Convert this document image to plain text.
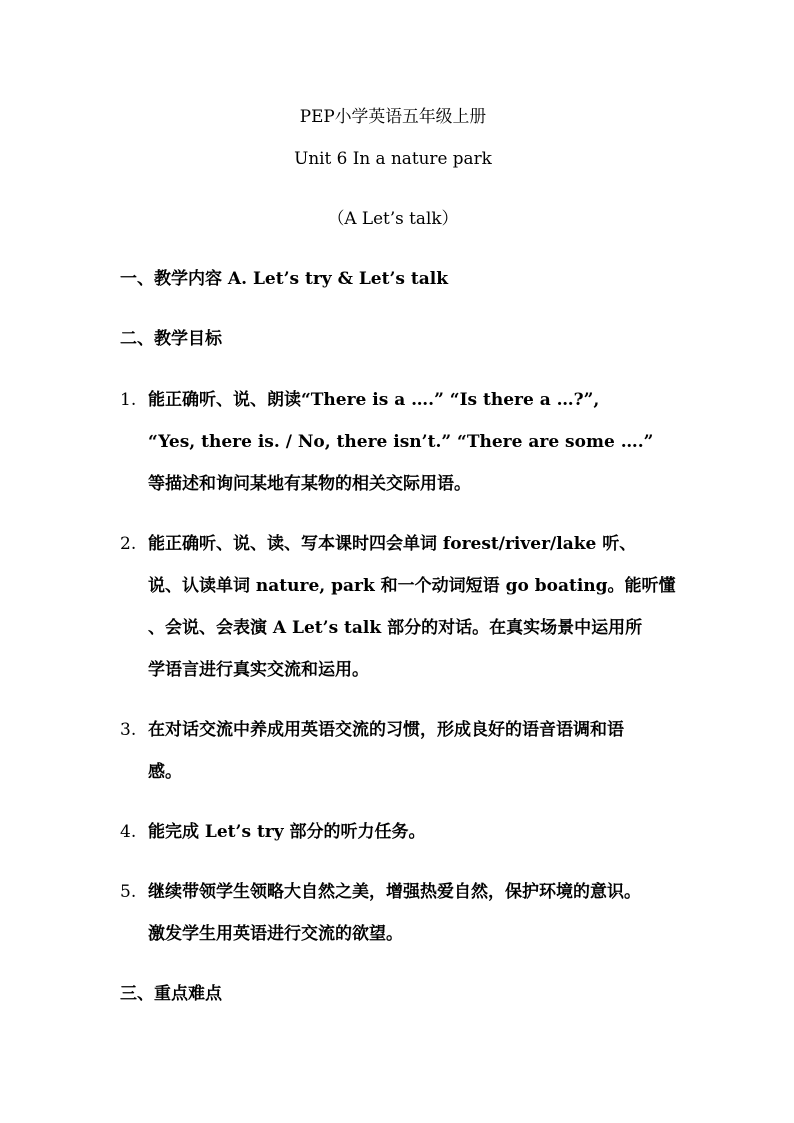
PEP小学英语五年级上册
Unit 6 In a nature park
（A Let’s talk）
一、教学内容 A. Let’s try & Let’s talk
二、教学目标
1. 能正确听、说、朗读“There is a ….” “Is there a …?”,
“Yes, there is. / No, there isn’t.” “There are some ….”
等描述和询问某地有某物的相关交际用语。
2. 能正确听、说、读、写本课时四会单词 forest/river/lake 听、
说、认读单词 nature, park 和一个动词短语 go boating。能听懂
、会说、会表演 A Let’s talk 部分的对话。在真实场景中运用所
学语言进行真实交流和运用。
3. 在对话交流中养成用英语交流的习惯，形成良好的语音语调和语
感。
4. 能完成 Let’s try 部分的听力任务。
5. 继续带领学生领略大自然之美，增强热爱自然，保护环境的意识。
激发学生用英语进行交流的欲望。
三、重点难点
